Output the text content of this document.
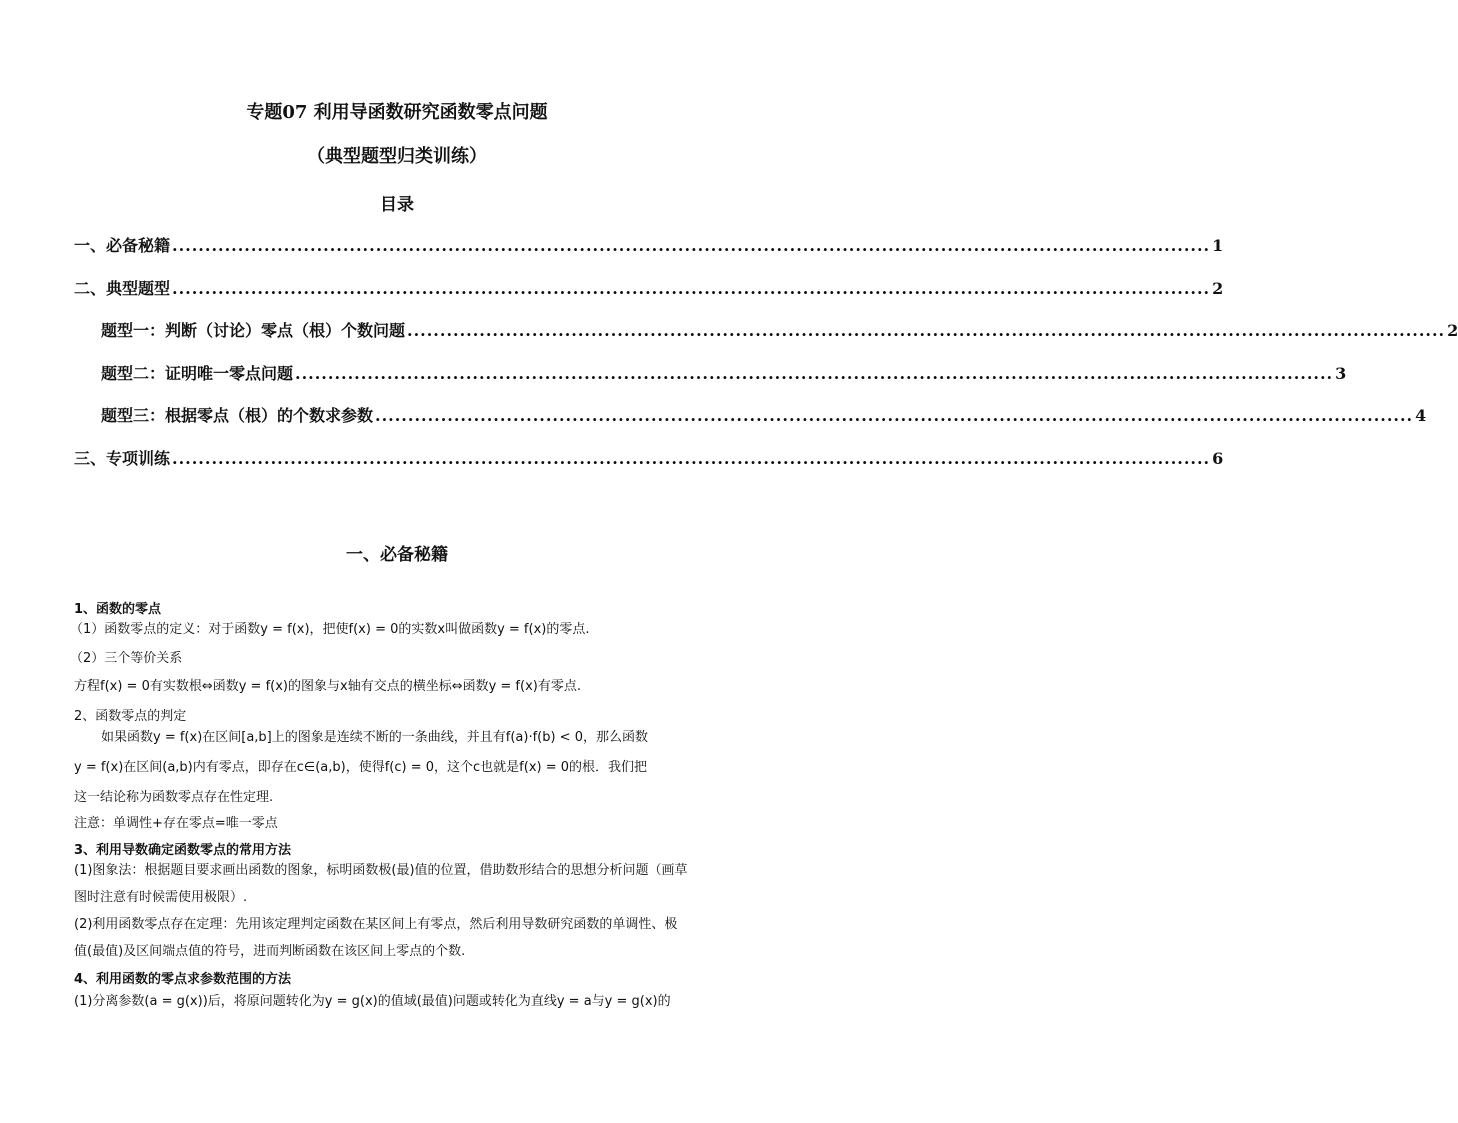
专题07 利用导函数研究函数零点问题
（典型题型归类训练）
目录
一、必备秘籍 .............................................................................................................................................................. 1
二、典型题型 .............................................................................................................................................................. 2
题型一：判断（讨论）零点（根）个数问题 .............................................................................................................................................................. 2
题型二：证明唯一零点问题 .............................................................................................................................................................. 3
题型三：根据零点（根）的个数求参数 .............................................................................................................................................................. 4
三、专项训练 .............................................................................................................................................................. 6
一、必备秘籍
1、函数的零点
（1）函数零点的定义：对于函数y = f(x)，把使f(x) = 0的实数x叫做函数y = f(x)的零点.
（2）三个等价关系
方程f(x) = 0有实数根⇔函数y = f(x)的图象与x轴有交点的横坐标⇔函数y = f(x)有零点.
2、函数零点的判定
如果函数y = f(x)在区间[a,b]上的图象是连续不断的一条曲线，并且有f(a)·f(b) < 0，那么函数
y = f(x)在区间(a,b)内有零点，即存在c∈(a,b)，使得f(c) = 0，这个c也就是f(x) = 0的根．我们把
这一结论称为函数零点存在性定理.
注意：单调性+存在零点=唯一零点
3、利用导数确定函数零点的常用方法
(1)图象法：根据题目要求画出函数的图象，标明函数极(最)值的位置，借助数形结合的思想分析问题（画草
图时注意有时候需使用极限）.
(2)利用函数零点存在定理：先用该定理判定函数在某区间上有零点，然后利用导数研究函数的单调性、极
值(最值)及区间端点值的符号，进而判断函数在该区间上零点的个数.
4、利用函数的零点求参数范围的方法
(1)分离参数(a = g(x))后，将原问题转化为y = g(x)的值域(最值)问题或转化为直线y = a与y = g(x)的
